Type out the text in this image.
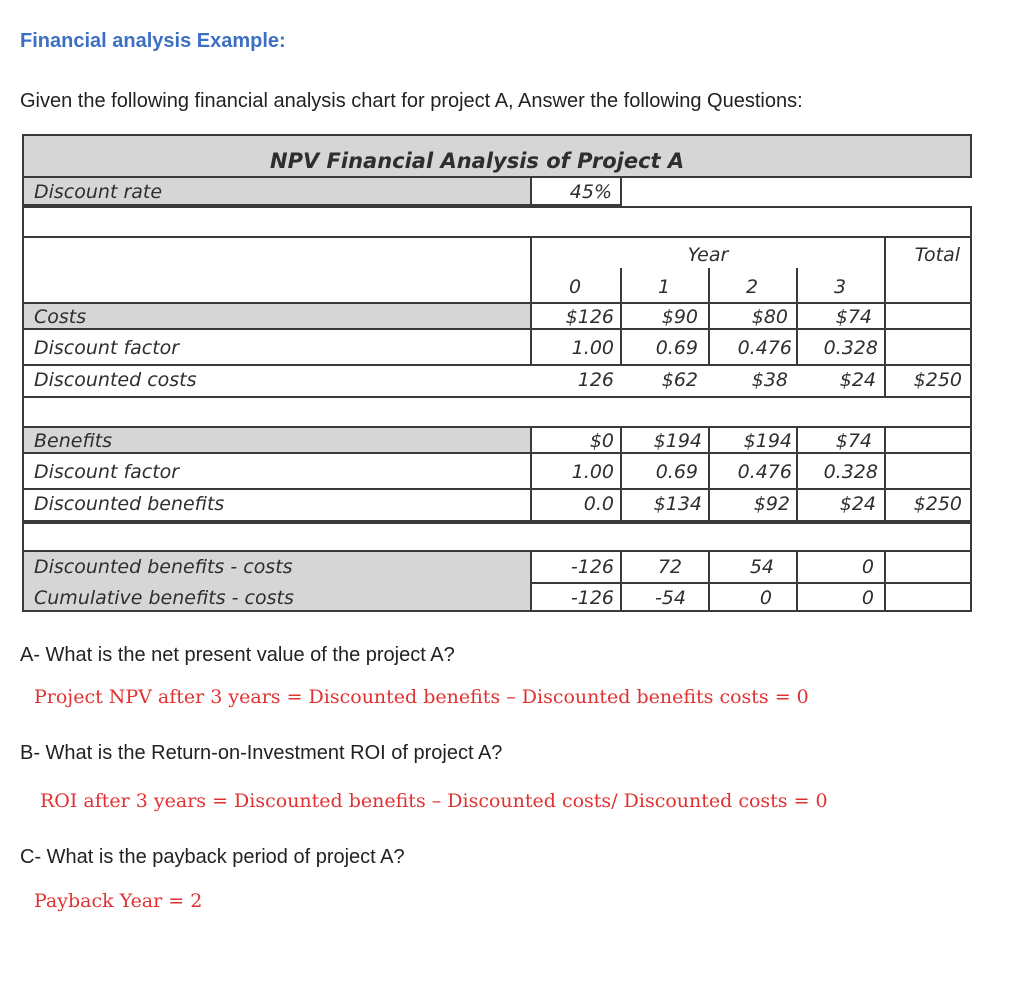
Financial analysis Example:
Given the following financial analysis chart for project A, Answer the following Questions:
NPV Financial Analysis of Project A
Discount rate	45%
Year	Total
0	1	2	3
Costs	$126	$90	$80	$74
Discount factor	1.00	0.69	0.476	0.328
Discounted costs	126	$62	$38	$24	$250
Benefits	$0	$194	$194	$74
Discount factor	1.00	0.69	0.476	0.328
Discounted benefits	0.0	$134	$92	$24	$250
Discounted benefits - costs	-126	72	54	0
Cumulative benefits - costs	-126	-54	0	0
A- What is the net present value of the project A?
Project NPV after 3 years = Discounted benefits – Discounted benefits costs = 0
B- What is the Return-on-Investment ROI of project A?
ROI after 3 years = Discounted benefits – Discounted costs/ Discounted costs = 0
C- What is the payback period of project A?
Payback Year = 2
